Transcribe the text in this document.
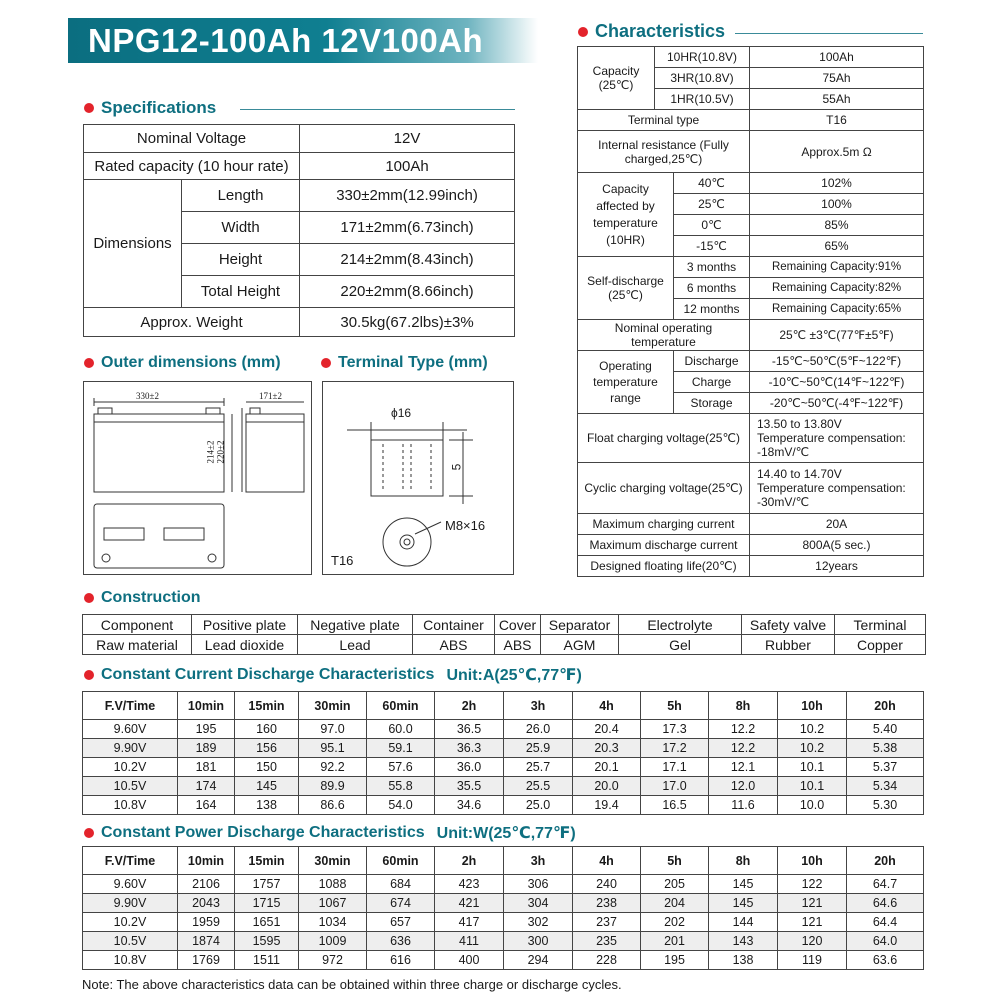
NPG12-100Ah 12V100Ah
Specifications
Nominal Voltage		12V
Rated capacity (10 hour rate)		100Ah
Dimensions	Length	330±2mm(12.99inch)
	Width	171±2mm(6.73inch)
	Height	214±2mm(8.43inch)
	Total Height	220±2mm(8.66inch)
Approx. Weight		30.5kg(67.2lbs)±3%
Outer dimensions (mm)
330±2	171±2
214±2 220±2
Terminal Type (mm)
ϕ16
5
M8×16
T16
Characteristics
Capacity (25℃)	10HR(10.8V)		100Ah
	3HR(10.8V)		75Ah
	1HR(10.5V)		55Ah
Terminal type			T16
Internal resistance (Fully charged,25℃)			Approx.5m Ω
Capacity affected by temperature (10HR)		40℃	102%
		25℃	100%
		0℃	85%
		-15℃	65%
Self-discharge (25℃)		3 months	Remaining Capacity:91%
		6 months	Remaining Capacity:82%
		12 months	Remaining Capacity:65%
Nominal operating temperature			25℃ ±3℃(77℉±5℉)
Operating temperature range		Discharge	-15℃~50℃(5℉~122℉)
		Charge	-10℃~50℃(14℉~122℉)
		Storage	-20℃~50℃(-4℉~122℉)
Float charging voltage(25℃)			13.50 to 13.80V
Temperature compensation:
-18mV/℃

Cyclic charging voltage(25℃)			14.40 to 14.70V
Temperature compensation:
-30mV/℃

Maximum charging current			20A
Maximum discharge current			800A(5 sec.)
Designed floating life(20℃)			12years
Construction
Component	Positive plate	Negative plate	Container	Cover	Separator	Electrolyte	Safety valve	Terminal
Raw material	Lead dioxide	Lead	ABS	ABS	AGM	Gel	Rubber	Copper
Constant Current Discharge Characteristics Unit:A(25℃,77℉)
F.V/Time	10min	15min	30min	60min	2h	3h	4h	5h	8h	10h	20h
9.60V	195	160	97.0	60.0	36.5	26.0	20.4	17.3	12.2	10.2	5.40
9.90V	189	156	95.1	59.1	36.3	25.9	20.3	17.2	12.2	10.2	5.38
10.2V	181	150	92.2	57.6	36.0	25.7	20.1	17.1	12.1	10.1	5.37
10.5V	174	145	89.9	55.8	35.5	25.5	20.0	17.0	12.0	10.1	5.34
10.8V	164	138	86.6	54.0	34.6	25.0	19.4	16.5	11.6	10.0	5.30
Constant Power Discharge Characteristics Unit:W(25℃,77℉)
F.V/Time	10min	15min	30min	60min	2h	3h	4h	5h	8h	10h	20h
9.60V	2106	1757	1088	684	423	306	240	205	145	122	64.7
9.90V	2043	1715	1067	674	421	304	238	204	145	121	64.6
10.2V	1959	1651	1034	657	417	302	237	202	144	121	64.4
10.5V	1874	1595	1009	636	411	300	235	201	143	120	64.0
10.8V	1769	1511	972	616	400	294	228	195	138	119	63.6
Note: The above characteristics data can be obtained within three charge or discharge cycles.
